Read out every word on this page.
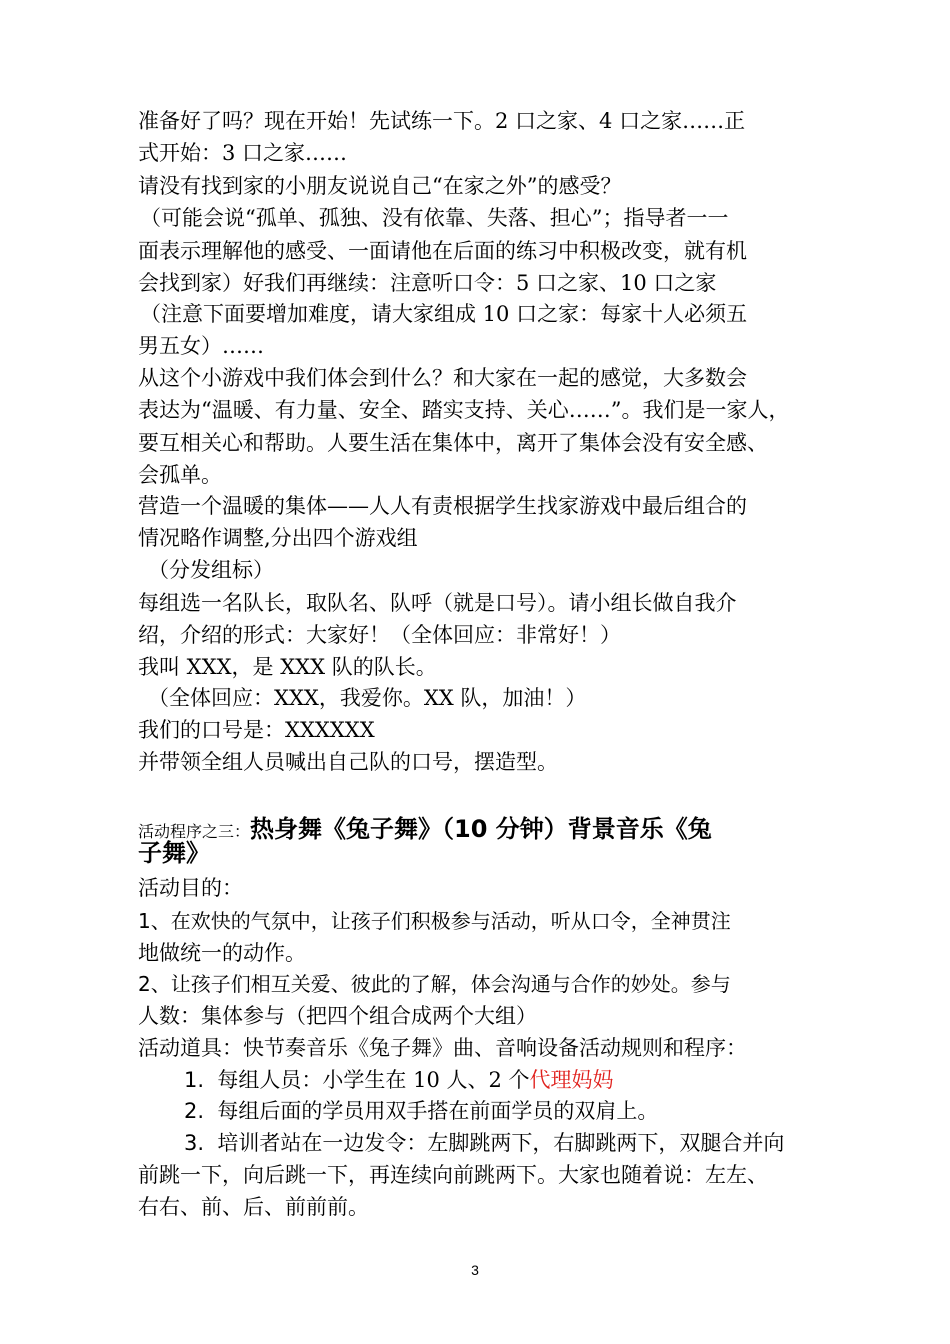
准备好了吗？现在开始！先试练一下。2 口之家、4 口之家……正
式开始：3 口之家……
请没有找到家的小朋友说说自己“在家之外”的感受？
（可能会说“孤单、孤独、没有依靠、失落、担心”；指导者一一
面表示理解他的感受、一面请他在后面的练习中积极改变，就有机
会找到家）好我们再继续：注意听口令：5 口之家、10 口之家
（注意下面要增加难度，请大家组成 10 口之家：每家十人必须五
男五女）……
从这个小游戏中我们体会到什么？和大家在一起的感觉，大多数会
表达为“温暖、有力量、安全、踏实支持、关心……”。我们是一家人，
要互相关心和帮助。人要生活在集体中，离开了集体会没有安全感、
会孤单。
营造一个温暖的集体——人人有责根据学生找家游戏中最后组合的
情况略作调整,分出四个游戏组
（分发组标）
每组选一名队长，取队名、队呼（就是口号）。请小组长做自我介
绍，介绍的形式：大家好！（全体回应：非常好！）
我叫 XXX，是 XXX 队的队长。
（全体回应：XXX，我爱你。XX 队，加油！）
我们的口号是：XXXXXX
并带领全组人员喊出自己队的口号，摆造型。
活动程序之三：热身舞《兔子舞》（10 分钟）背景音乐《兔
子舞》
活动目的：
1、在欢快的气氛中，让孩子们积极参与活动，听从口令，全神贯注
地做统一的动作。
2、让孩子们相互关爱、彼此的了解，体会沟通与合作的妙处。参与
人数：集体参与（把四个组合成两个大组）
活动道具：快节奏音乐《兔子舞》曲、音响设备活动规则和程序：
1. 每组人员：小学生在 10 人、2 个代理妈妈
2. 每组后面的学员用双手搭在前面学员的双肩上。
3. 培训者站在一边发令：左脚跳两下，右脚跳两下，双腿合并向
前跳一下，向后跳一下，再连续向前跳两下。大家也随着说：左左、
右右、前、后、前前前。
3
